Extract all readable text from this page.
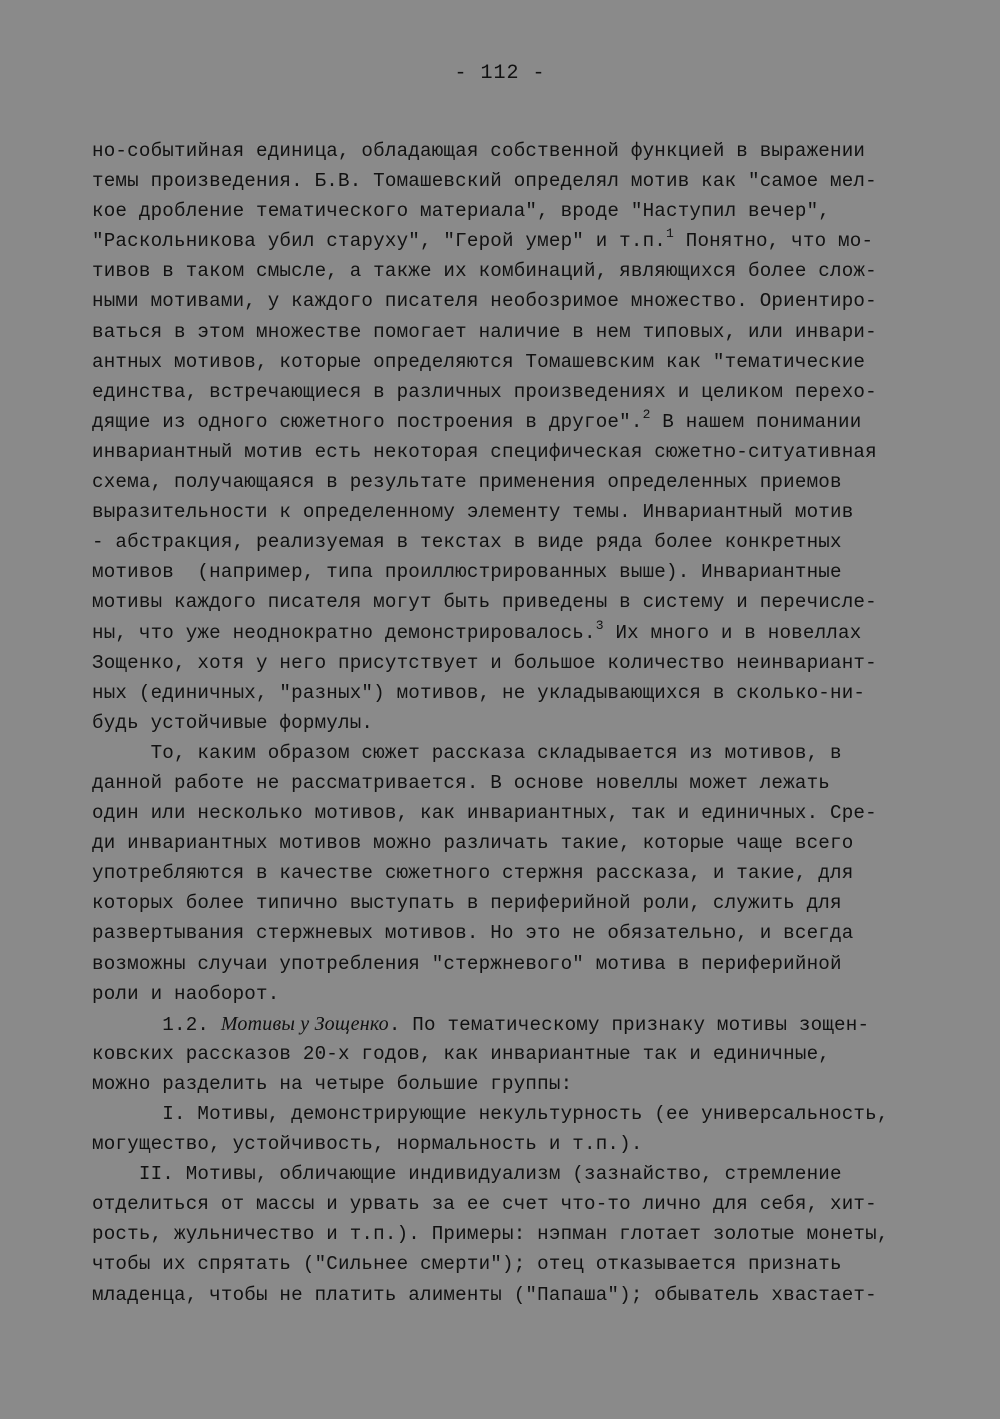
- 112 -
но-событийная единица, обладающая собственной функцией в выражении
темы произведения. Б.В. Томашевский определял мотив как "самое мел-
кое дробление тематического материала", вроде "Наступил вечер",
"Раскольникова убил старуху", "Герой умер" и т.п.$^1$ Понятно, что мо-
тивов в таком смысле, а также их комбинаций, являющихся более слож-
ными мотивами, у каждого писателя необозримое множество. Ориентиро-
ваться в этом множестве помогает наличие в нем типовых, или инвари-
антных мотивов, которые определяются Томашевским как "тематические
единства, встречающиеся в различных произведениях и целиком перехо-
дящие из одного сюжетного построения в другое".$^2$ В нашем понимании
инвариантный мотив есть некоторая специфическая сюжетно-ситуативная
схема, получающаяся в результате применения определенных приемов
выразительности к определенному элементу темы. Инвариантный мотив
- абстракция, реализуемая в текстах в виде ряда более конкретных
мотивов  (например, типа проиллюстрированных выше). Инвариантные
мотивы каждого писателя могут быть приведены в систему и перечисле-
ны, что уже неоднократно демонстрировалось.$^3$ Их много и в новеллах
Зощенко, хотя у него присутствует и большое количество неинвариант-
ных (единичных, "разных") мотивов, не укладывающихся в сколько-ни-
будь устойчивые формулы.
То, каким образом сюжет рассказа складывается из мотивов, в
данной работе не рассматривается. В основе новеллы может лежать
один или несколько мотивов, как инвариантных, так и единичных. Сре-
ди инвариантных мотивов можно различать такие, которые чаще всего
употребляются в качестве сюжетного стержня рассказа, и такие, для
которых более типично выступать в периферийной роли, служить для
развертывания стержневых мотивов. Но это не обязательно, и всегда
возможны случаи употребления "стержневого" мотива в периферийной
роли и наоборот.
1.2. Мотивы у Зощенко. По тематическому признаку мотивы зощен-
ковских рассказов 20-х годов, как инвариантные так и единичные,
можно разделить на четыре большие группы:
I. Мотивы, демонстрирующие некультурность (ее универсальность,
могущество, устойчивость, нормальность и т.п.).
II. Мотивы, обличающие индивидуализм (зазнайство, стремление
отделиться от массы и урвать за ее счет что-то лично для себя, хит-
рость, жульничество и т.п.). Примеры: нэпман глотает золотые монеты,
чтобы их спрятать ("Сильнее смерти"); отец отказывается признать
младенца, чтобы не платить алименты ("Папаша"); обыватель хвастает-
